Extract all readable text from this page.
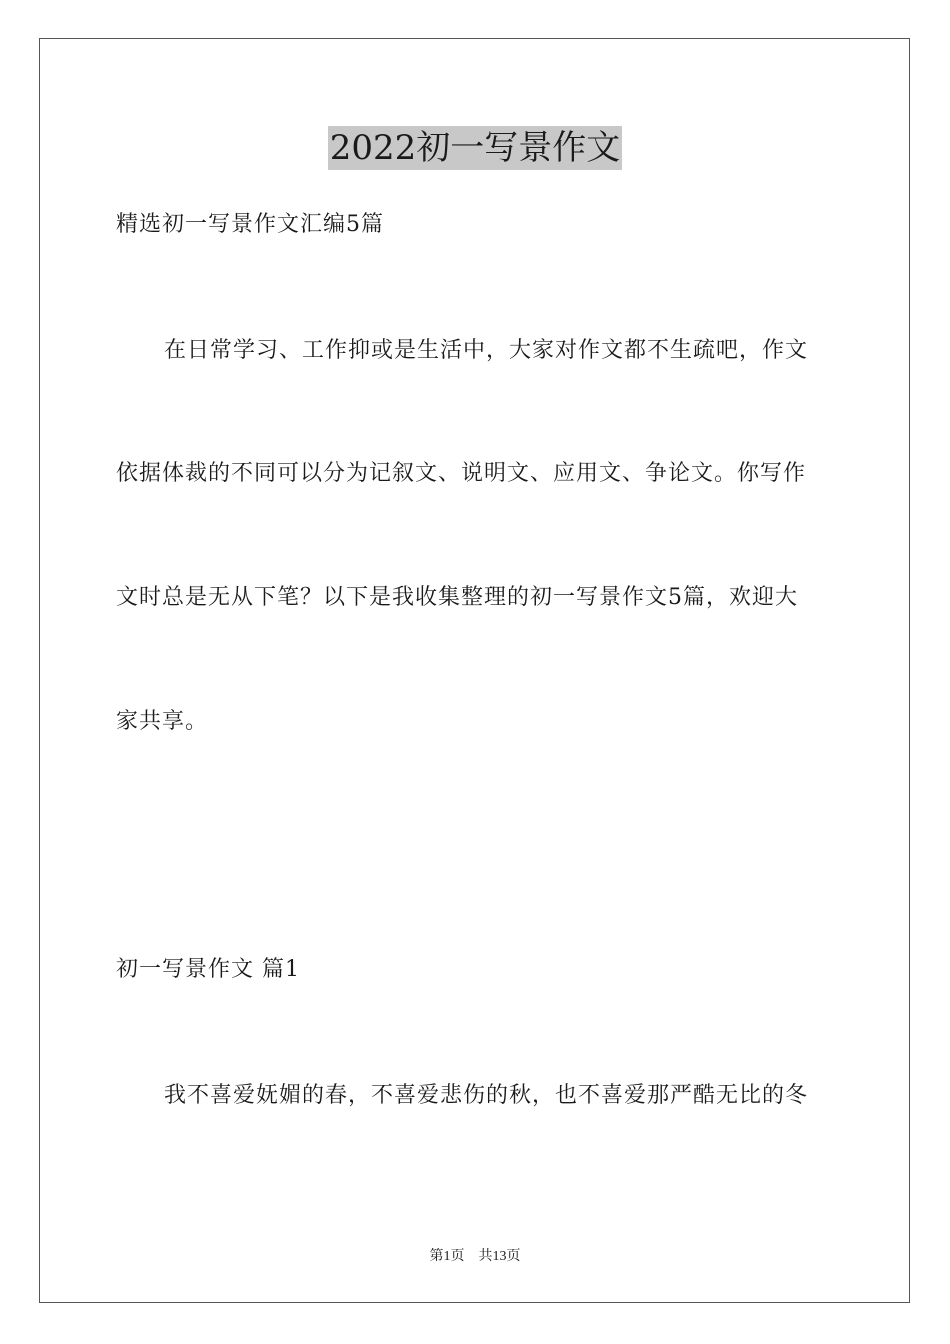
2022初一写景作文
精选初一写景作文汇编5篇
在日常学习、工作抑或是生活中，大家对作文都不生疏吧，作文
依据体裁的不同可以分为记叙文、说明文、应用文、争论文。你写作
文时总是无从下笔？以下是我收集整理的初一写景作文5篇，欢迎大
家共享。
初一写景作文 篇1
我不喜爱妩媚的春，不喜爱悲伤的秋，也不喜爱那严酷无比的冬
第1页 共13页
